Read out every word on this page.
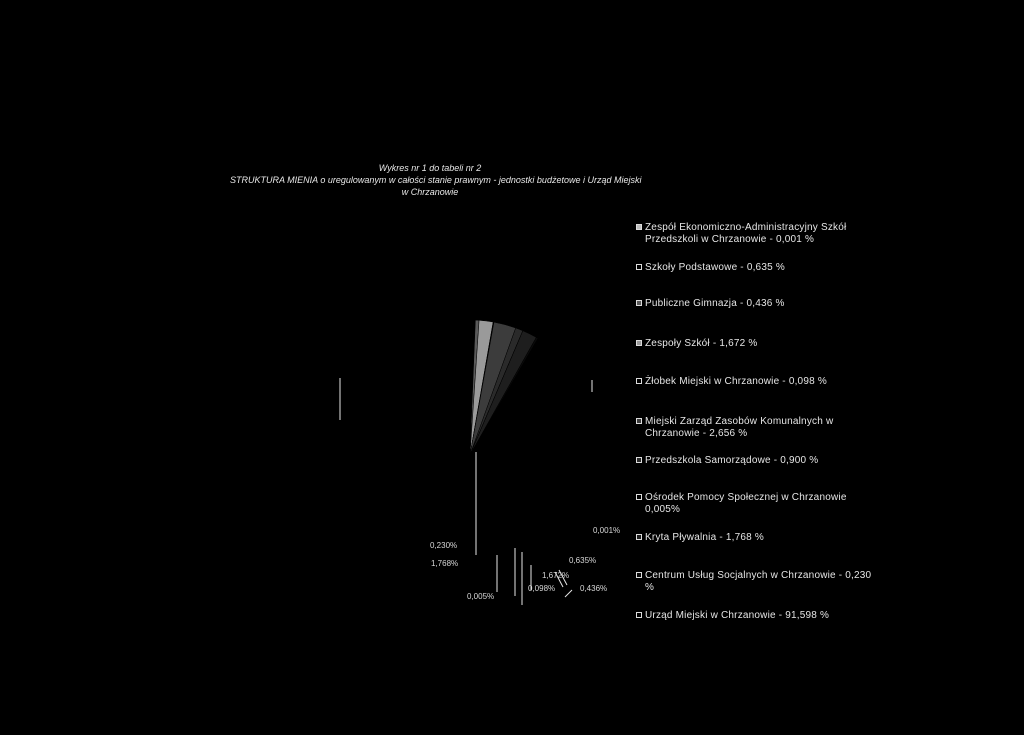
Wykres nr 1 do tabeli nr 2
STRUKTURA MIENIA o uregulowanym w całości stanie prawnym - jednostki budżetowe i Urząd Miejski
w Chrzanowie
0,001%
0,635%
0,436%
1,672%
0,098%
0,005%
1,768%
0,230%
Zespół Ekonomiczno-Administracyjny Szkół Przedszkoli w Chrzanowie - 0,001 %
Szkoły Podstawowe - 0,635 %
Publiczne Gimnazja - 0,436 %
Zespoły Szkół - 1,672 %
Żłobek Miejski w Chrzanowie - 0,098 %
Miejski Zarząd Zasobów Komunalnych w Chrzanowie - 2,656 %
Przedszkola Samorządowe - 0,900 %
Ośrodek Pomocy Społecznej w Chrzanowie 0,005%
Kryta Pływalnia - 1,768 %
Centrum Usług Socjalnych w Chrzanowie - 0,230 %
Urząd Miejski w Chrzanowie - 91,598 %
